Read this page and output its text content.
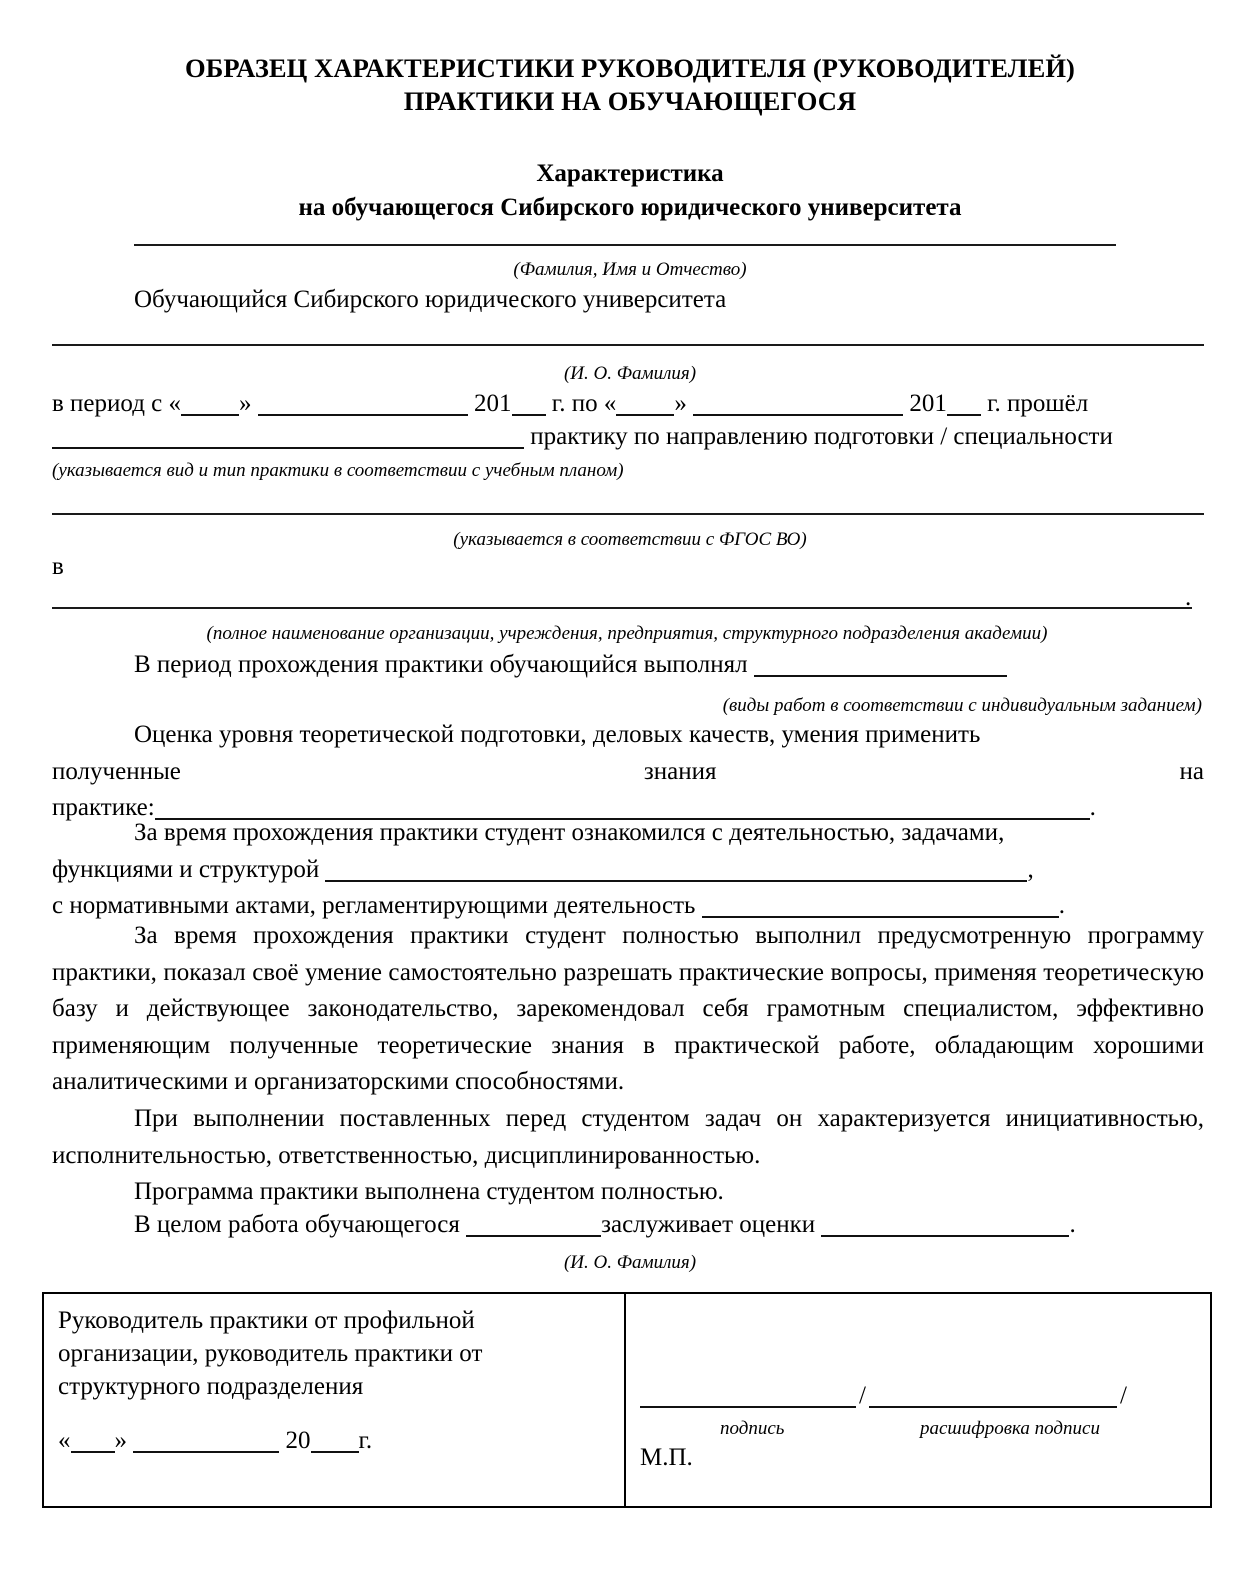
ОБРАЗЕЦ ХАРАКТЕРИСТИКИ РУКОВОДИТЕЛЯ (РУКОВОДИТЕЛЕЙ)
ПРАКТИКИ НА ОБУЧАЮЩЕГОСЯ
Характеристика
на обучающегося Сибирского юридического университета
(Фамилия, Имя и Отчество)
Обучающийся Сибирского юридического университета
(И. О. Фамилия)
в период с « »	201 г. по « »	201 г. прошёл
практику по направлению подготовки / специальности
(указывается вид и тип практики в соответствии с учебным планом)
(указывается в соответствии с ФГОС ВО)
в
.
(полное наименование организации, учреждения, предприятия, структурного подразделения академии)
В период прохождения практики обучающийся выполнял
(виды работ в соответствии с индивидуальным заданием)
Оценка уровня теоретической подготовки, деловых качеств, умения применить
полученные	знания	на
практике:	.
За время прохождения практики студент ознакомился с деятельностью, задачами,
функциями и структурой	,
с нормативными актами, регламентирующими деятельность	.
За время прохождения практики студент полностью выполнил предусмотренную программу практики, показал своё умение самостоятельно разрешать практические вопросы, применяя теоретическую базу и действующее законодательство, зарекомендовал себя грамотным специалистом, эффективно применяющим полученные теоретические знания в практической работе, обладающим хорошими аналитическими и организаторскими способностями.
При выполнении поставленных перед студентом задач он характеризуется инициативностью, исполнительностью, ответственностью, дисциплинированностью.
Программа практики выполнена студентом полностью.
В целом работа обучающегося	заслуживает оценки	.
(И. О. Фамилия)
Руководитель практики от профильной организации, руководитель практики от структурного подразделения
« »	20 г.
/	/
подпись	расшифровка подписи
М.П.
